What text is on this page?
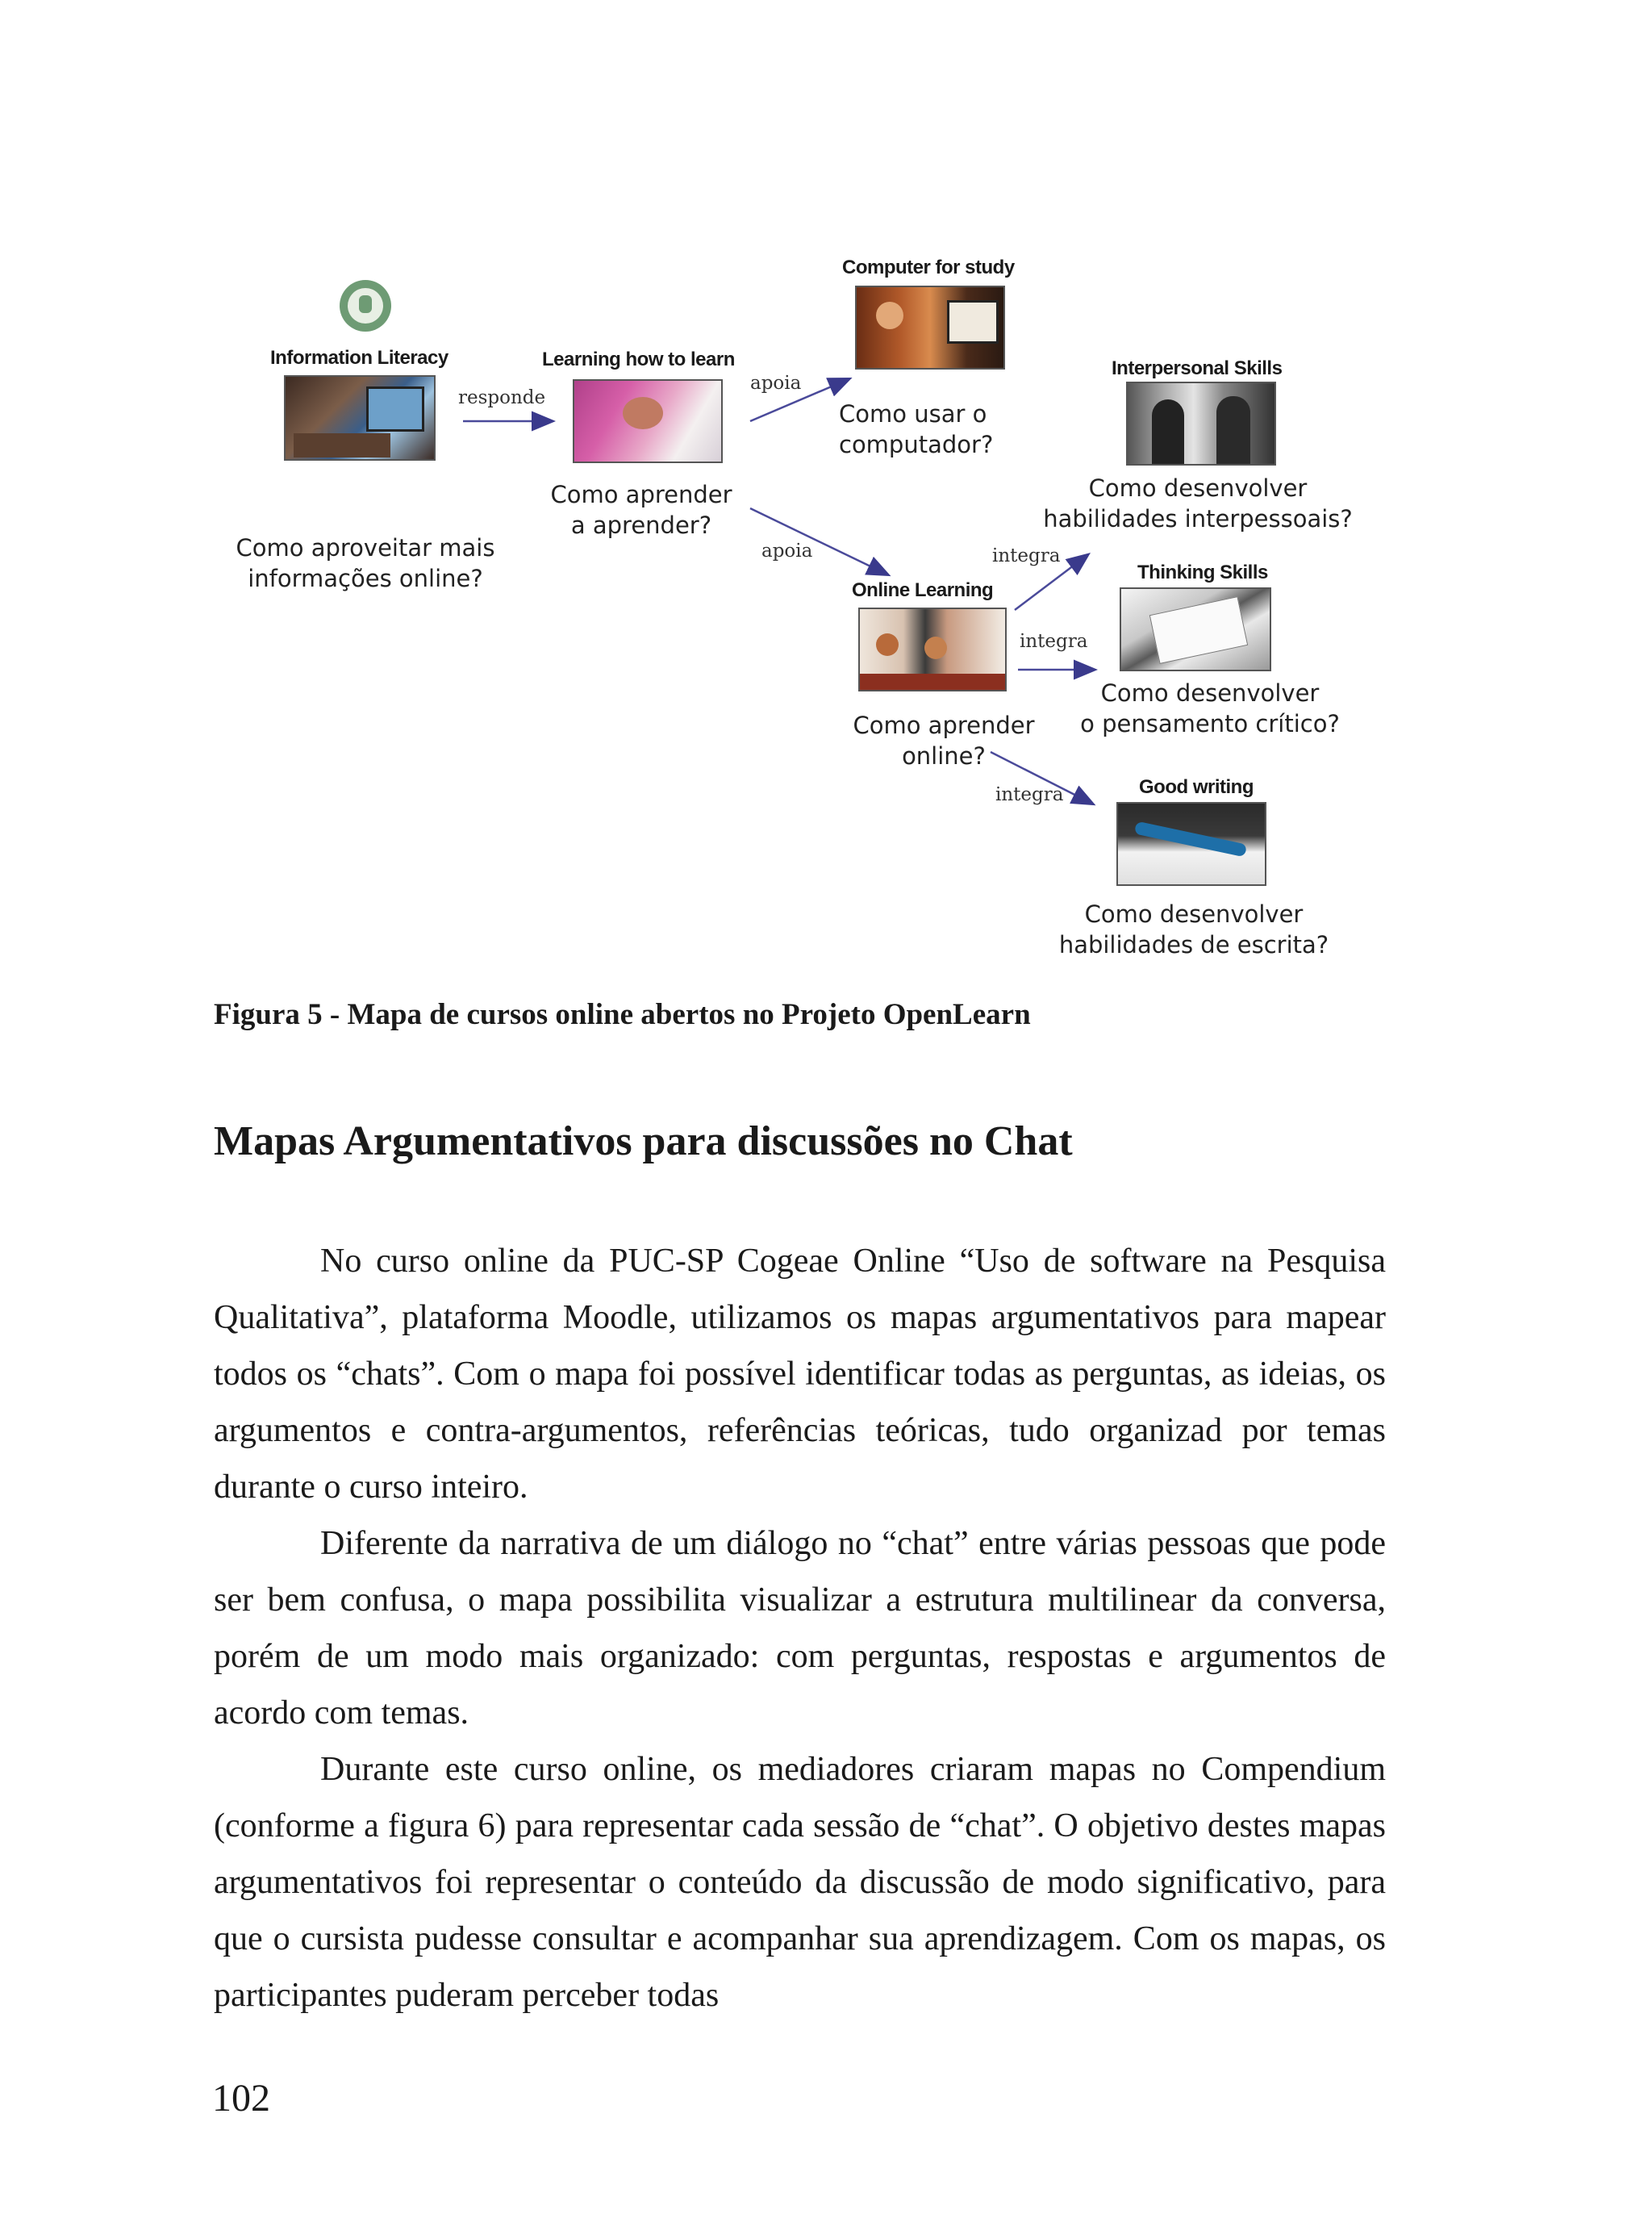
Information Literacy
Como aproveitar mais
informações online?
Learning how to learn
Como aprender
a aprender?
Computer for study
Como usar o
computador?
Online Learning
Como aprender
online?
Interpersonal Skills
Como desenvolver
habilidades interpessoais?
Thinking Skills
Como desenvolver
o pensamento crítico?
Good writing
Como desenvolver
habilidades de escrita?
responde
apoia
apoia	integra
integra
integra
Figura 5 - Mapa de cursos online abertos no Projeto OpenLearn
Mapas Argumentativos para discussões no Chat

No curso online da PUC-SP Cogeae Online “Uso de software na Pesquisa Qualitativa”, plataforma Moodle, utilizamos os mapas argumentativos para mapear todos os “chats”. Com o mapa foi possível identificar todas as perguntas, as ideias, os argumentos e contra-argumentos, referências teóricas, tudo organizad por temas durante o curso inteiro.

Diferente da narrativa de um diálogo no “chat” entre várias pessoas que pode ser bem confusa, o mapa possibilita visualizar a estrutura multilinear da conversa, porém de um modo mais organizado: com perguntas, respostas e argumentos de acordo com temas.

Durante este curso online, os mediadores criaram mapas no Compendium (conforme a figura 6) para representar cada sessão de “chat”. O objetivo destes mapas argumentativos foi representar o conteúdo da discussão de modo significativo, para que o cursista pudesse consultar e acompanhar sua aprendizagem. Com os mapas, os participantes puderam perceber todas

102
